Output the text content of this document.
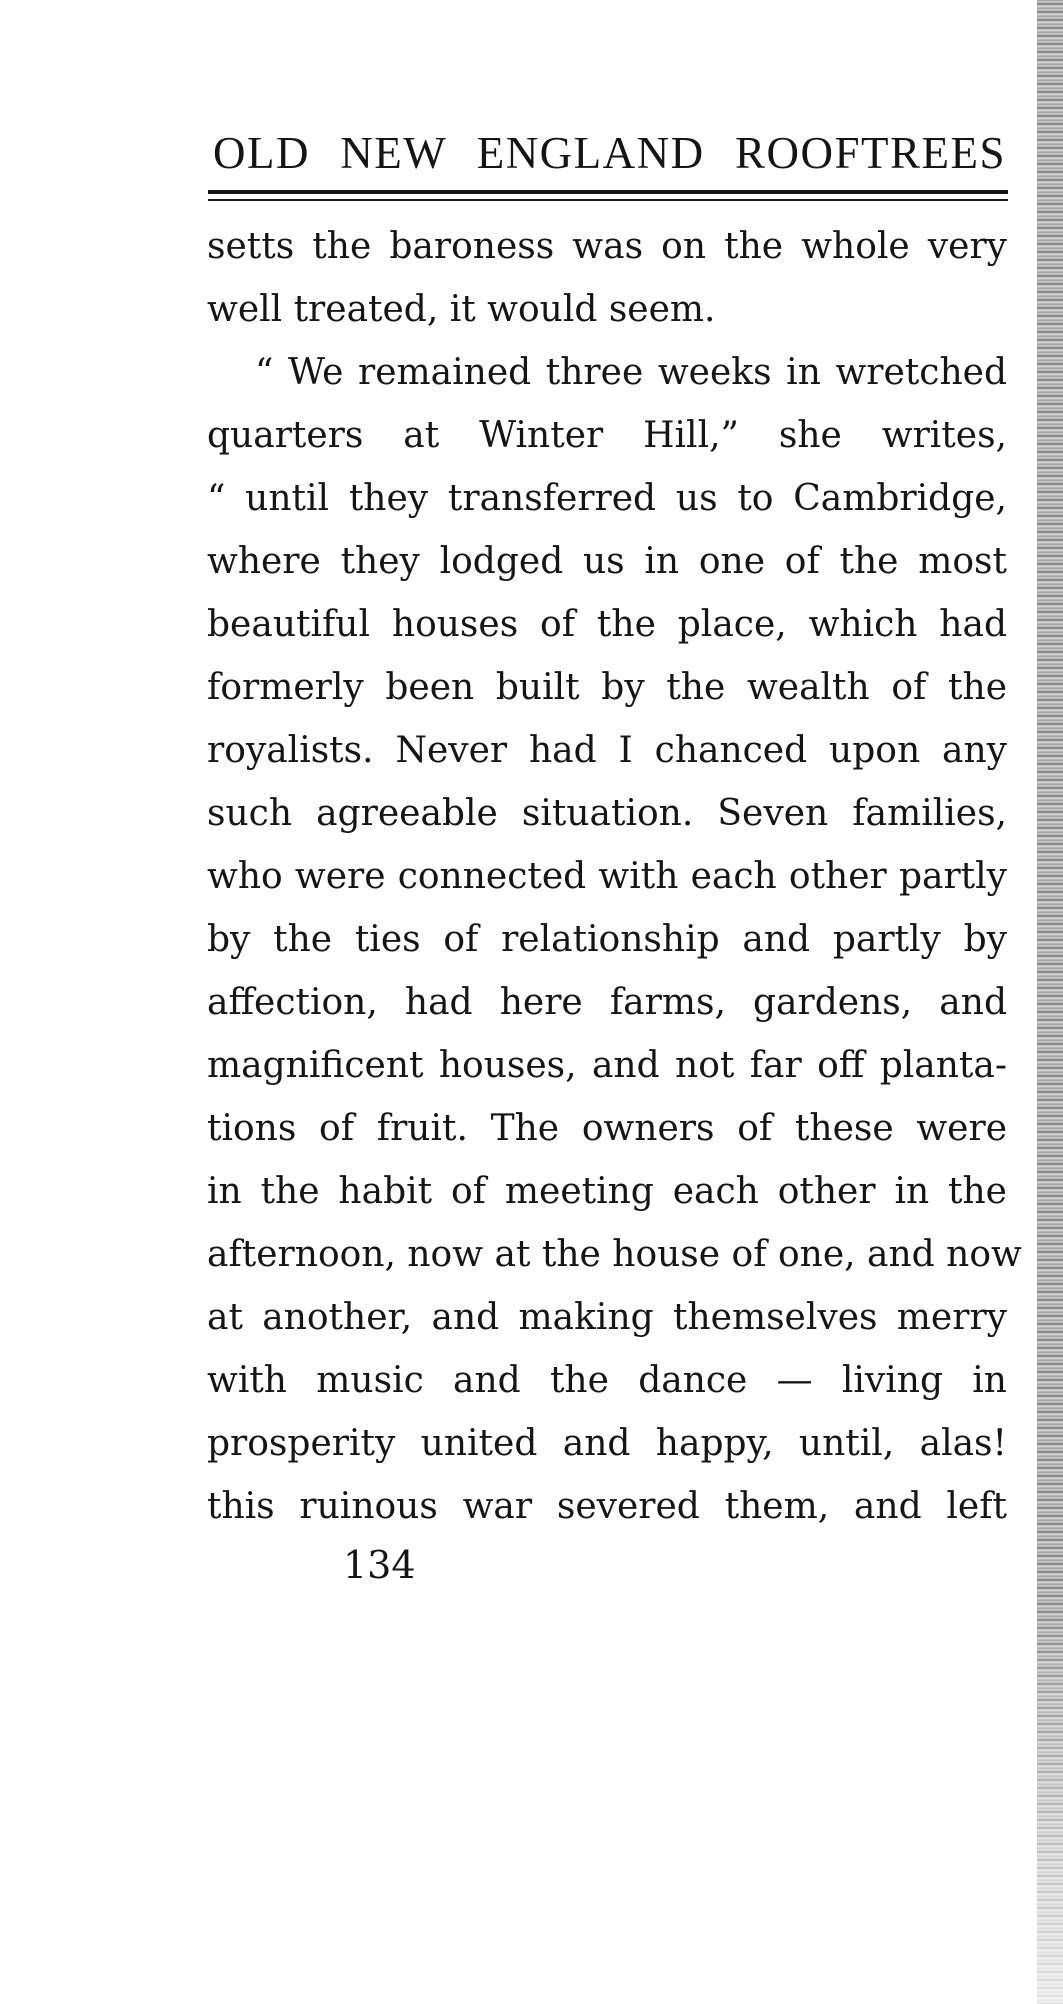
OLD NEW ENGLAND ROOFTREES
setts the baroness was on the whole very
well treated, it would seem.
“ We remained three weeks in wretched
quarters at Winter Hill,” she writes,
“ until they transferred us to Cambridge,
where they lodged us in one of the most
beautiful houses of the place, which had
formerly been built by the wealth of the
royalists. Never had I chanced upon any
such agreeable situation. Seven families,
who were connected with each other partly
by the ties of relationship and partly by
affection, had here farms, gardens, and
magnificent houses, and not far off planta-
tions of fruit. The owners of these were
in the habit of meeting each other in the
afternoon, now at the house of one, and now
at another, and making themselves merry
with music and the dance — living in
prosperity united and happy, until, alas!
this ruinous war severed them, and left
134
